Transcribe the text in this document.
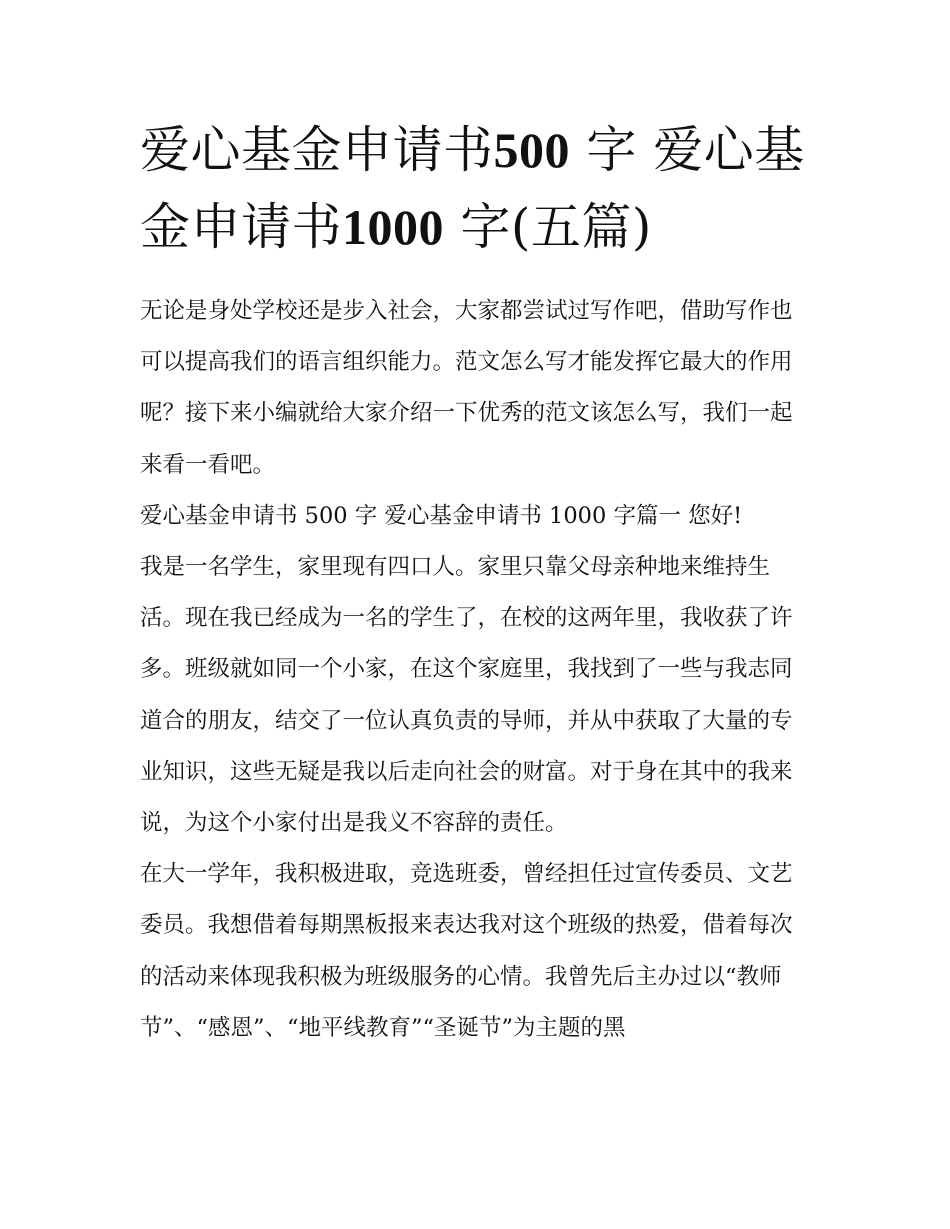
爱心基金申请书500 字 爱心基金申请书1000 字(五篇)

无论是身处学校还是步入社会，大家都尝试过写作吧，借助写作也可以提高我们的语言组织能力。范文怎么写才能发挥它最大的作用呢？接下来小编就给大家介绍一下优秀的范文该怎么写，我们一起来看一看吧。

爱心基金申请书 500 字 爱心基金申请书 1000 字篇一 您好!

我是一名学生，家里现有四口人。家里只靠父母亲种地来维持生活。现在我已经成为一名的学生了，在校的这两年里，我收获了许多。班级就如同一个小家，在这个家庭里，我找到了一些与我志同道合的朋友，结交了一位认真负责的导师，并从中获取了大量的专业知识，这些无疑是我以后走向社会的财富。对于身在其中的我来说，为这个小家付出是我义不容辞的责任。

在大一学年，我积极进取，竞选班委，曾经担任过宣传委员、文艺委员。我想借着每期黑板报来表达我对这个班级的热爱，借着每次的活动来体现我积极为班级服务的心情。我曾先后主办过以“教师节”、“感恩”、“地平线教育”“圣诞节”为主题的黑
